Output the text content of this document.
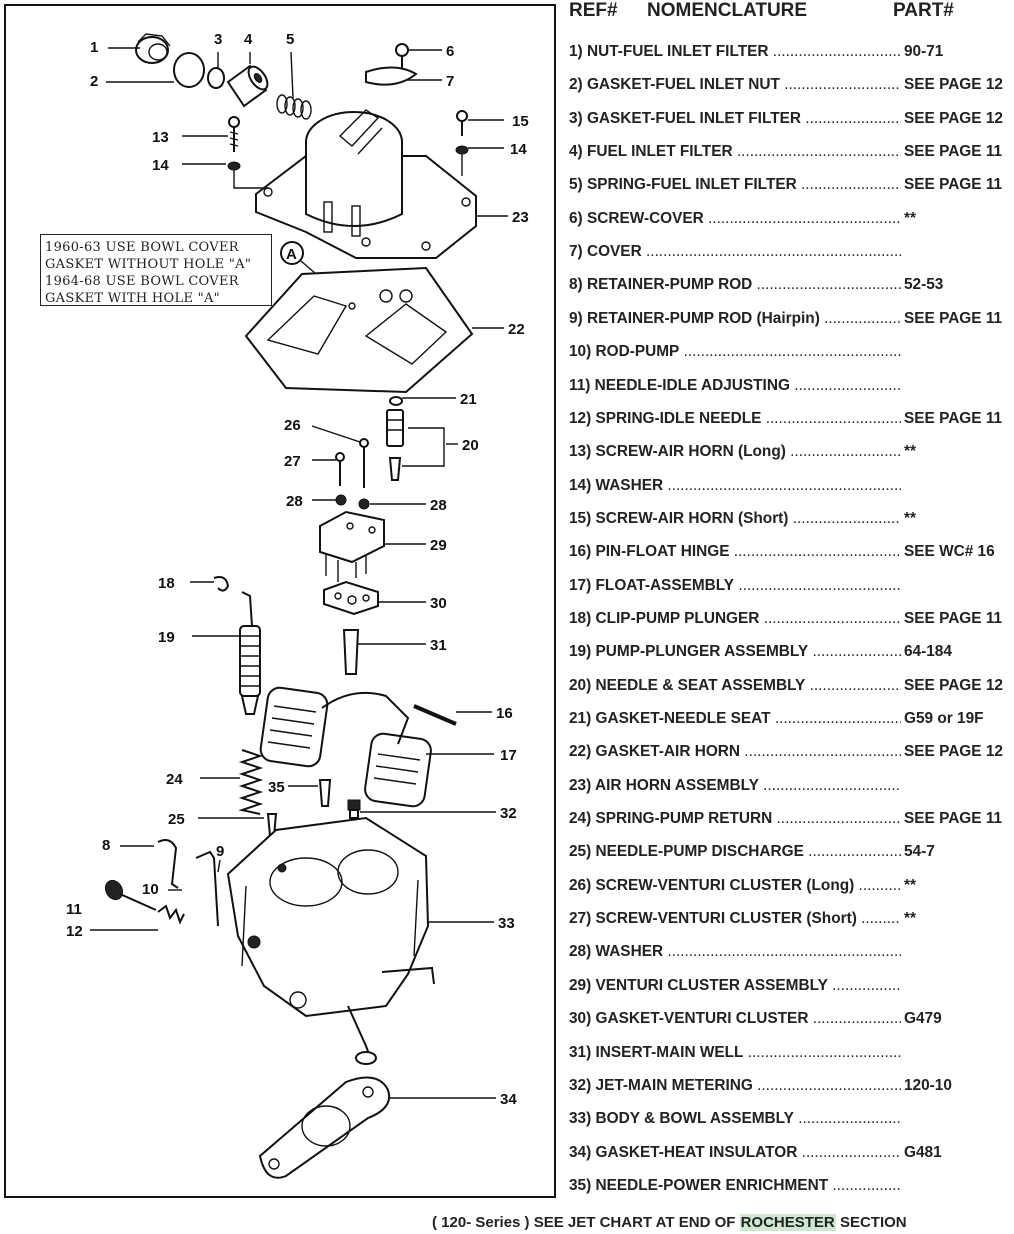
A
1
2
3 4 5
6
7
8	9
10
11
12
13
14
15
16
17
18
19
20
21
22
23
24
25
26
27
28	28
29
30
31
32
33
34
35
14
1960-63 USE BOWL COVER
GASKET WITHOUT HOLE "A"
1964-68 USE BOWL COVER
GASKET WITH HOLE "A"
REF# NOMENCLATURE	PART#
1) NUT-FUEL INLET FILTER .....	90-71
2) GASKET-FUEL INLET NUT .....	SEE PAGE 12
3) GASKET-FUEL INLET FILTER .....	SEE PAGE 12
4) FUEL INLET FILTER .....	SEE PAGE 11
5) SPRING-FUEL INLET FILTER .....	SEE PAGE 11
6) SCREW-COVER .....	**
7) COVER .....
8) RETAINER-PUMP ROD .....	52-53
9) RETAINER-PUMP ROD (Hairpin) .....	SEE PAGE 11
10) ROD-PUMP .....
11) NEEDLE-IDLE ADJUSTING .....
12) SPRING-IDLE NEEDLE .....	SEE PAGE 11
13) SCREW-AIR HORN (Long) .....	**
14) WASHER .....
15) SCREW-AIR HORN (Short) .....	**
16) PIN-FLOAT HINGE .....	SEE WC# 16
17) FLOAT-ASSEMBLY .....
18) CLIP-PUMP PLUNGER .....	SEE PAGE 11
19) PUMP-PLUNGER ASSEMBLY .....	64-184
20) NEEDLE & SEAT ASSEMBLY .....	SEE PAGE 12
21) GASKET-NEEDLE SEAT .....	G59 or 19F
22) GASKET-AIR HORN .....	SEE PAGE 12
23) AIR HORN ASSEMBLY .....
24) SPRING-PUMP RETURN .....	SEE PAGE 11
25) NEEDLE-PUMP DISCHARGE .....	54-7
26) SCREW-VENTURI CLUSTER (Long) .....	**
27) SCREW-VENTURI CLUSTER (Short) .....	**
28) WASHER .....
29) VENTURI CLUSTER ASSEMBLY .....
30) GASKET-VENTURI CLUSTER .....	G479
31) INSERT-MAIN WELL .....
32) JET-MAIN METERING .....	120-10
33) BODY & BOWL ASSEMBLY .....
34) GASKET-HEAT INSULATOR .....	G481
35) NEEDLE-POWER ENRICHMENT .....
( 120- Series ) SEE JET CHART AT END OF ROCHESTER SECTION
